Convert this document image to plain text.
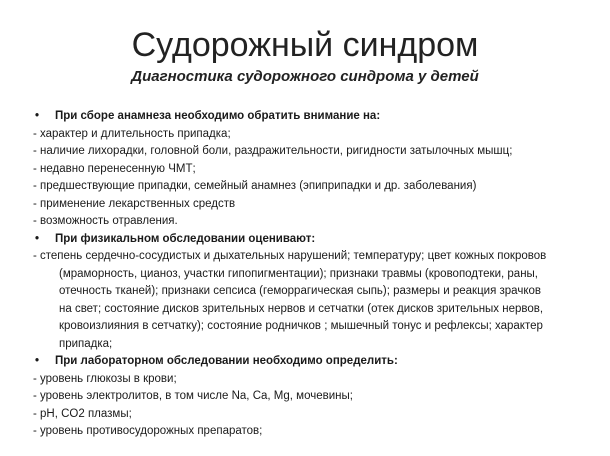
Судорожный синдром
Диагностика судорожного синдрома у детей
• При сборе анамнеза необходимо обратить внимание на:
- характер и длительность припадка;
- наличие лихорадки, головной боли, раздражительности, ригидности затылочных мышц;
- недавно перенесенную ЧМТ;
- предшествующие припадки, семейный анамнез (эпиприпадки и др. заболевания)
- применение лекарственных средств
- возможность отравления.
• При физикальном обследовании оценивают:
- степень сердечно-сосудистых и дыхательных нарушений; температуру; цвет кожных покровов
(мраморность, цианоз, участки гипопигментации); признаки травмы (кровоподтеки, раны,
отечность тканей); признаки сепсиса (геморрагическая сыпь); размеры и реакция зрачков
на свет; состояние дисков зрительных нервов и сетчатки (отек дисков зрительных нервов,
кровоизлияния в сетчатку); состояние родничков ; мышечный тонус и рефлексы; характер
припадка;
• При лабораторном обследовании необходимо определить:
- уровень глюкозы в крови;
- уровень электролитов, в том числе Na, Ca, Mg, мочевины;
- pH, CO2 плазмы;
- уровень противосудорожных препаратов;
